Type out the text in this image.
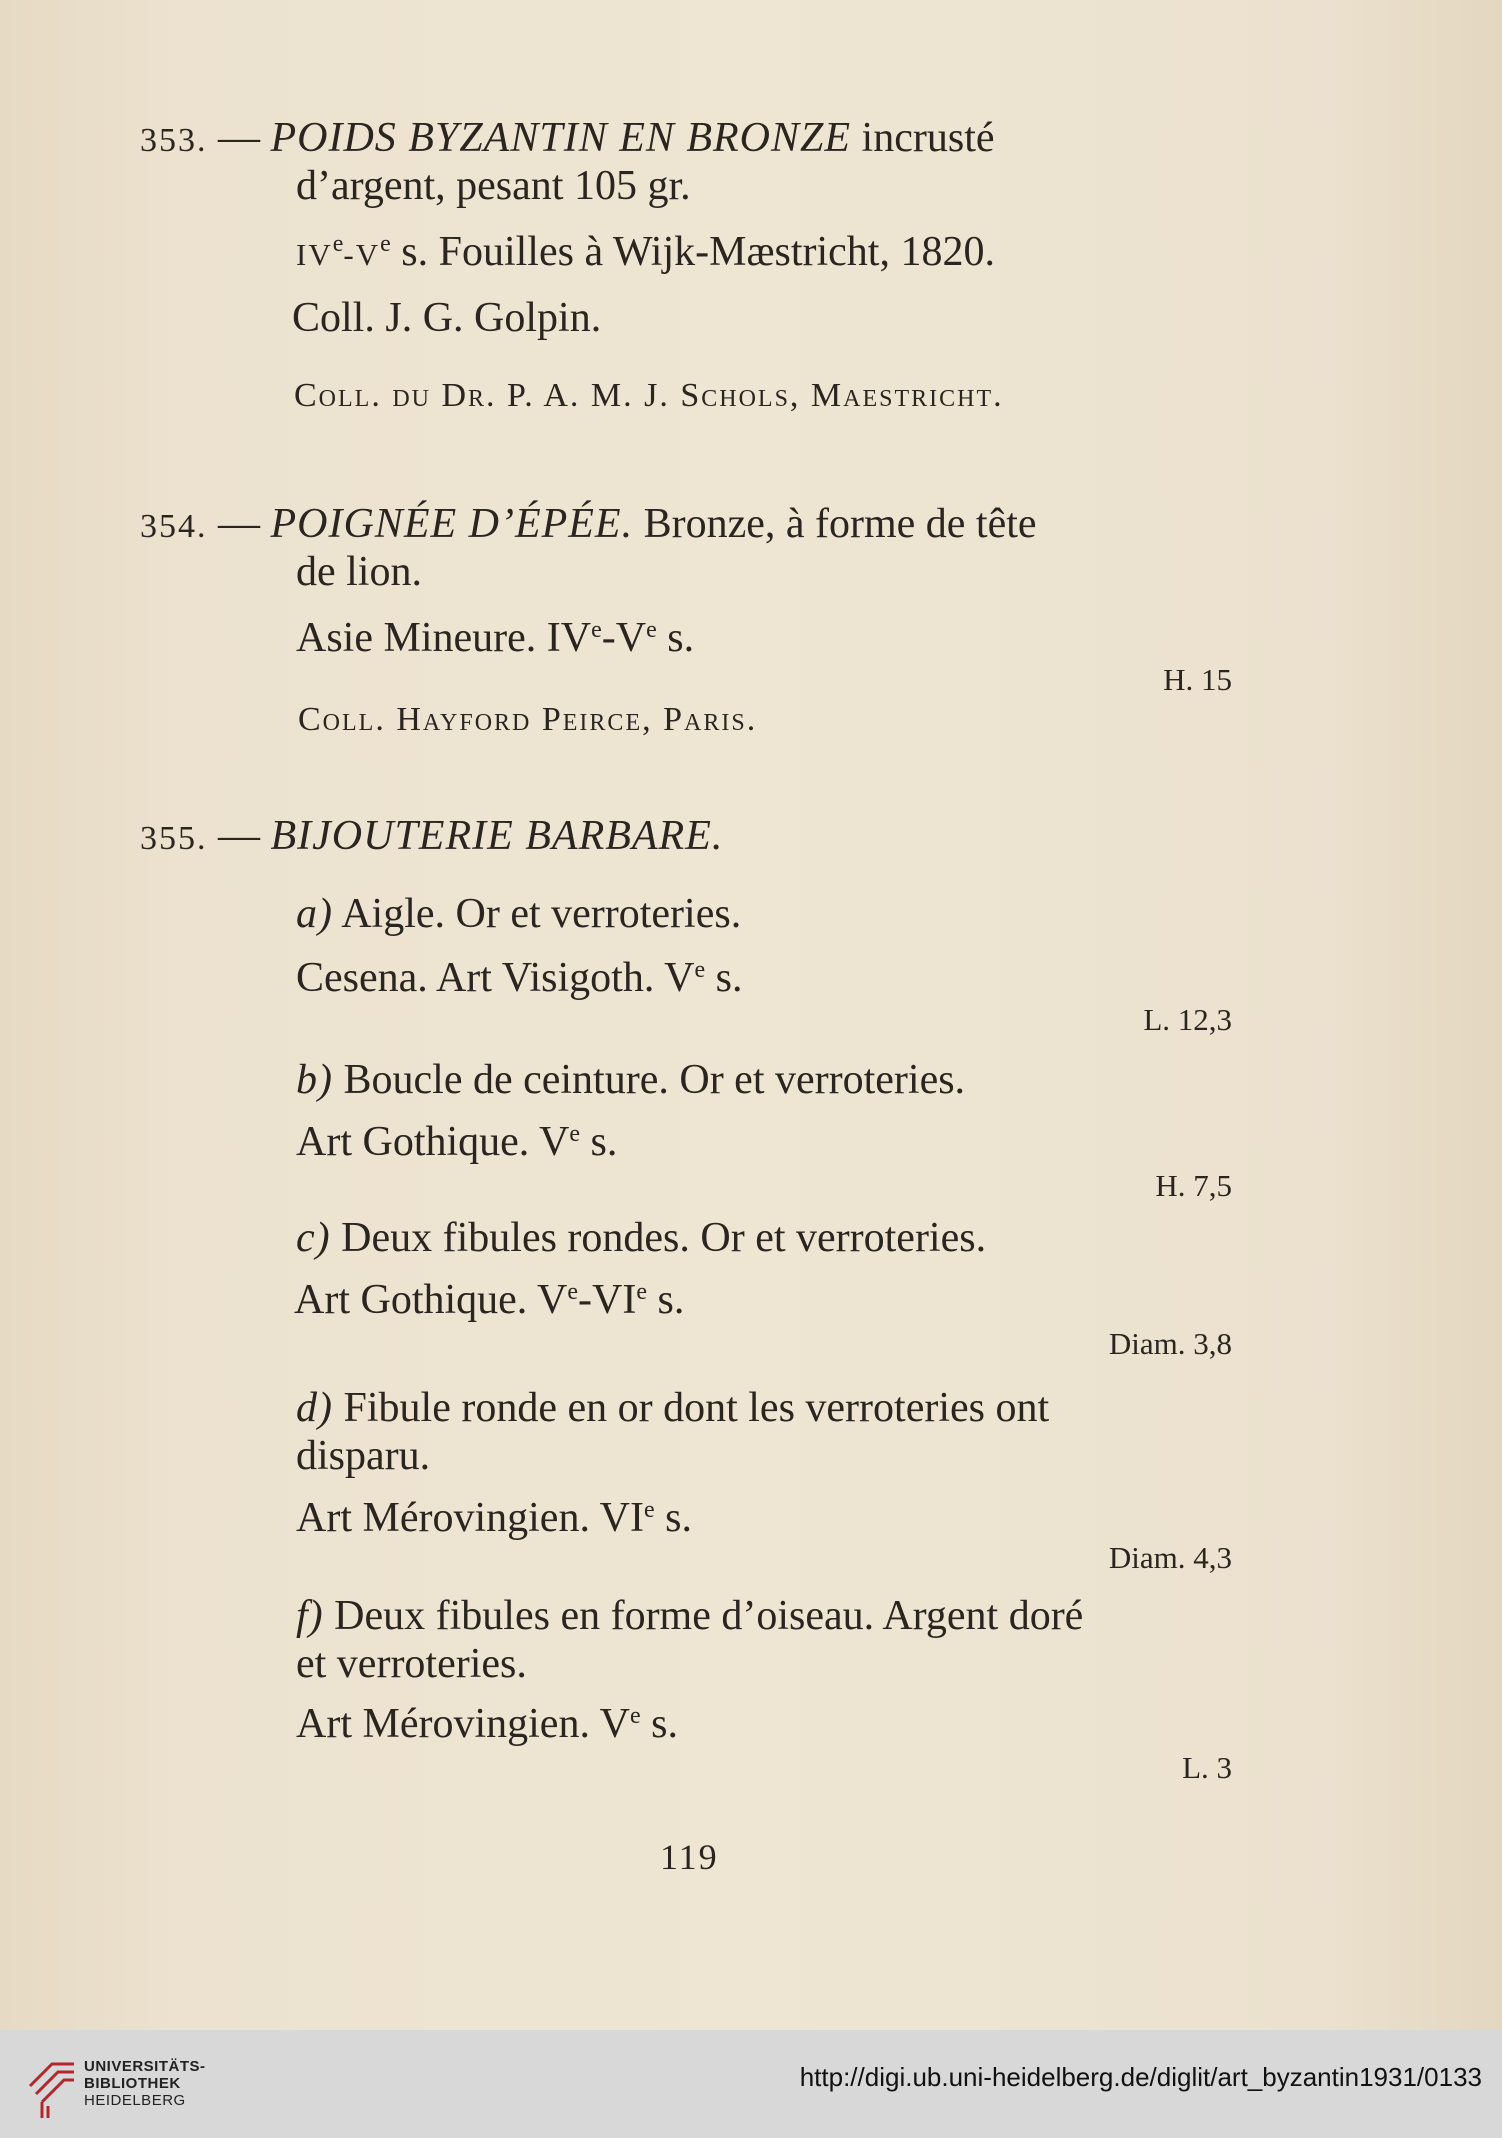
353. — POIDS BYZANTIN EN BRONZE incrusté
d’argent, pesant 105 gr.
IVe-Ve s. Fouilles à Wijk-Mæstricht, 1820.
Coll. J. G. Golpin.
Coll. du Dr. P. A. M. J. Schols, Maestricht.
354. — POIGNÉE D’ÉPÉE. Bronze, à forme de tête
de lion.
Asie Mineure. IVe-Ve s.
H. 15
Coll. Hayford Peirce, Paris.
355. — BIJOUTERIE BARBARE.
a) Aigle. Or et verroteries.
Cesena. Art Visigoth. Ve s.
L. 12,3
b) Boucle de ceinture. Or et verroteries.
Art Gothique. Ve s.
H. 7,5
c) Deux fibules rondes. Or et verroteries.
Art Gothique. Ve-VIe s.
Diam. 3,8
d) Fibule ronde en or dont les verroteries ont
disparu.
Art Mérovingien. VIe s.
Diam. 4,3
f) Deux fibules en forme d’oiseau. Argent doré
et verroteries.
Art Mérovingien. Ve s.
L. 3
119
UNIVERSITÄTS-
BIBLIOTHEK
HEIDELBERG
http://digi.ub.uni-heidelberg.de/diglit/art_byzantin1931/0133
